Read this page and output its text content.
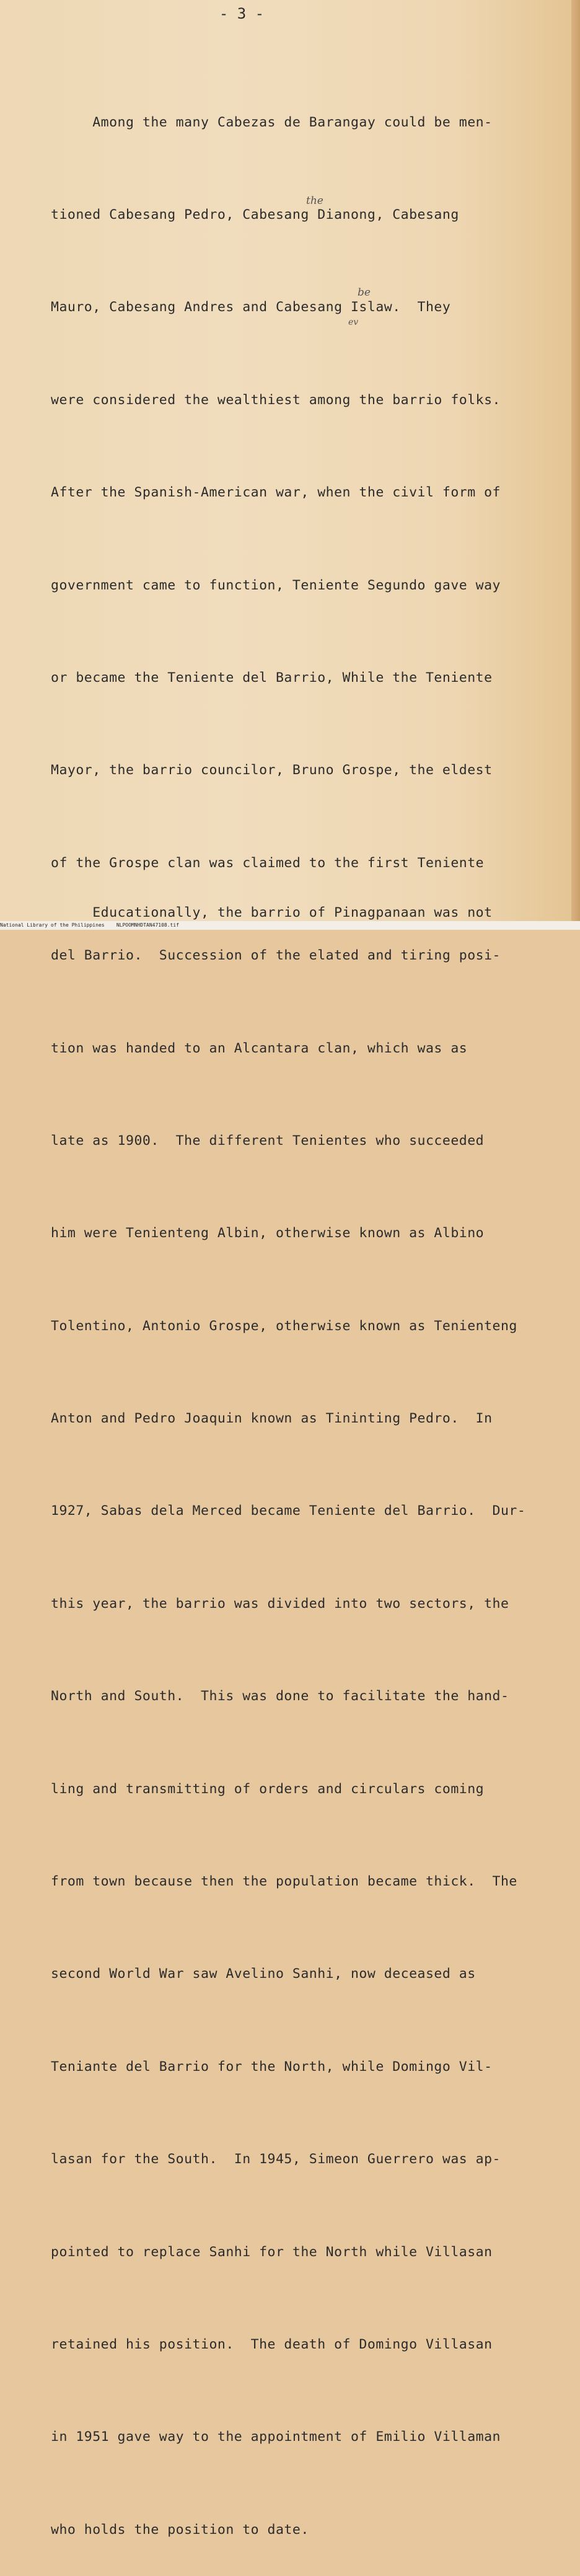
- 3 -

Among the many Cabezas de Barangay could be men-

tioned Cabesang Pedro, Cabesang Dianong, Cabesang

Mauro, Cabesang Andres and Cabesang Islaw.  They

were considered the wealthiest among the barrio folks.

After the Spanish-American war, when the civil form of

government came to function, Teniente Segundo gave way

or became the Teniente del Barrio, While the Teniente

Mayor, the barrio councilor, Bruno Grospe, the eldest

of the Grospe clan was claimed to the first Teniente

del Barrio.  Succession of the elated and tiring posi-

tion was handed to an Alcantara clan, which was as

late as 1900.  The different Tenientes who succeeded

him were Tenienteng Albin, otherwise known as Albino

Tolentino, Antonio Grospe, otherwise known as Tenienteng

Anton and Pedro Joaquin known as Tininting Pedro.  In

1927, Sabas dela Merced became Teniente del Barrio.  Dur-

this year, the barrio was divided into two sectors, the

North and South.  This was done to facilitate the hand-

ling and transmitting of orders and circulars coming

from town because then the population became thick.  The

second World War saw Avelino Sanhi, now deceased as

Teniante del Barrio for the North, while Domingo Vil-

lasan for the South.  In 1945, Simeon Guerrero was ap-

pointed to replace Sanhi for the North while Villasan

retained his position.  The death of Domingo Villasan

in 1951 gave way to the appointment of Emilio Villaman

who holds the position to date.

Educationally, the barrio of Pinagpanaan was not
the
be
ev
National Library of the Philippines    NLPOOMNHDTAN47108.tif
